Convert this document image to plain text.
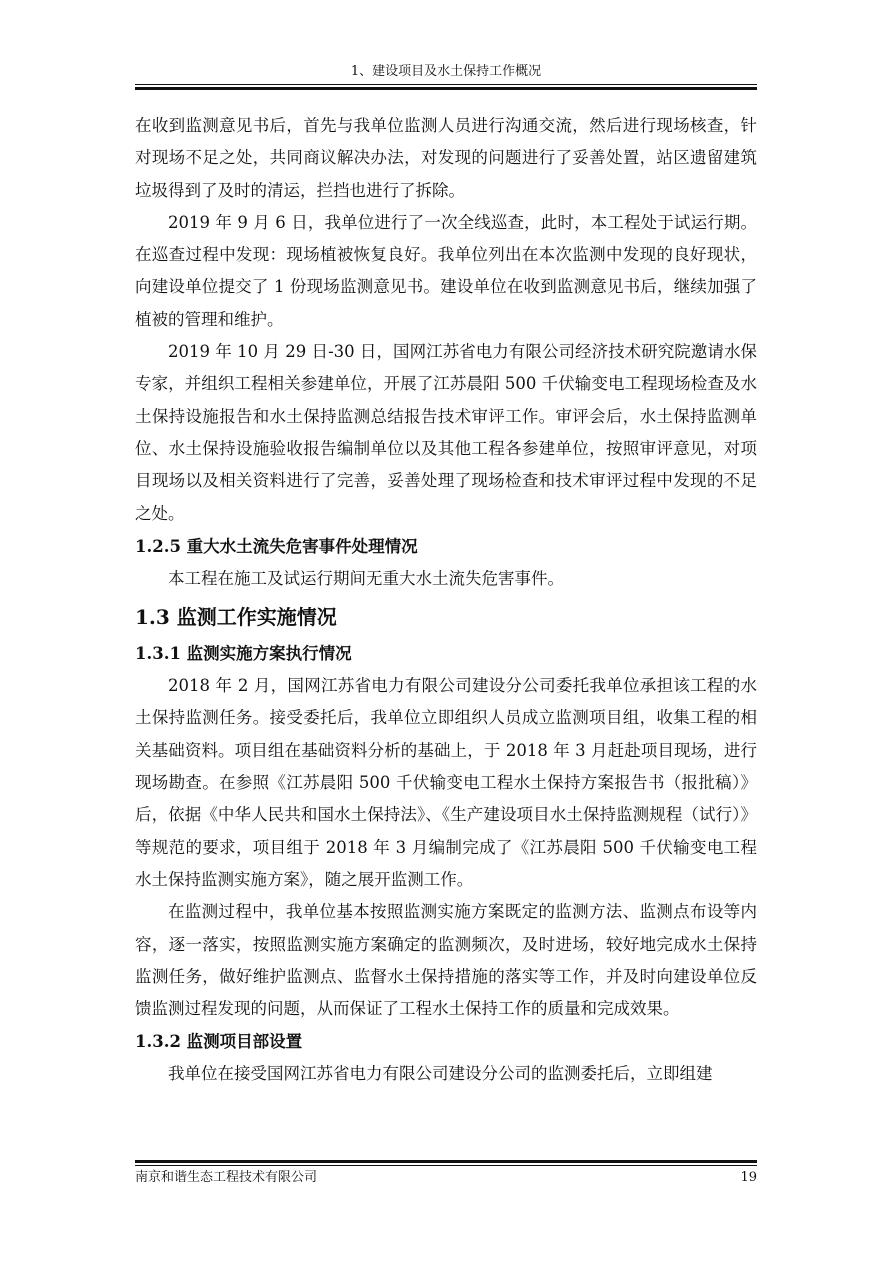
1、建设项目及水土保持工作概况

在收到监测意见书后，首先与我单位监测人员进行沟通交流，然后进行现场核查，针对现场不足之处，共同商议解决办法，对发现的问题进行了妥善处置，站区遗留建筑垃圾得到了及时的清运，拦挡也进行了拆除。

2019 年 9 月 6 日，我单位进行了一次全线巡查，此时，本工程处于试运行期。在巡查过程中发现：现场植被恢复良好。我单位列出在本次监测中发现的良好现状，向建设单位提交了 1 份现场监测意见书。建设单位在收到监测意见书后，继续加强了植被的管理和维护。

2019 年 10 月 29 日-30 日，国网江苏省电力有限公司经济技术研究院邀请水保专家，并组织工程相关参建单位，开展了江苏晨阳 500 千伏输变电工程现场检查及水土保持设施报告和水土保持监测总结报告技术审评工作。审评会后，水土保持监测单位、水土保持设施验收报告编制单位以及其他工程各参建单位，按照审评意见，对项目现场以及相关资料进行了完善，妥善处理了现场检查和技术审评过程中发现的不足之处。

1.2.5 重大水土流失危害事件处理情况

本工程在施工及试运行期间无重大水土流失危害事件。

1.3 监测工作实施情况
1.3.1 监测实施方案执行情况

2018 年 2 月，国网江苏省电力有限公司建设分公司委托我单位承担该工程的水土保持监测任务。接受委托后，我单位立即组织人员成立监测项目组，收集工程的相关基础资料。项目组在基础资料分析的基础上，于 2018 年 3 月赶赴项目现场，进行现场勘查。在参照《江苏晨阳 500 千伏输变电工程水土保持方案报告书（报批稿）》后，依据《中华人民共和国水土保持法》、《生产建设项目水土保持监测规程（试行）》等规范的要求，项目组于 2018 年 3 月编制完成了《江苏晨阳 500 千伏输变电工程水土保持监测实施方案》，随之展开监测工作。

在监测过程中，我单位基本按照监测实施方案既定的监测方法、监测点布设等内容，逐一落实，按照监测实施方案确定的监测频次，及时进场，较好地完成水土保持监测任务，做好维护监测点、监督水土保持措施的落实等工作，并及时向建设单位反馈监测过程发现的问题，从而保证了工程水土保持工作的质量和完成效果。

1.3.2 监测项目部设置

我单位在接受国网江苏省电力有限公司建设分公司的监测委托后，立即组建

南京和谐生态工程技术有限公司	19
